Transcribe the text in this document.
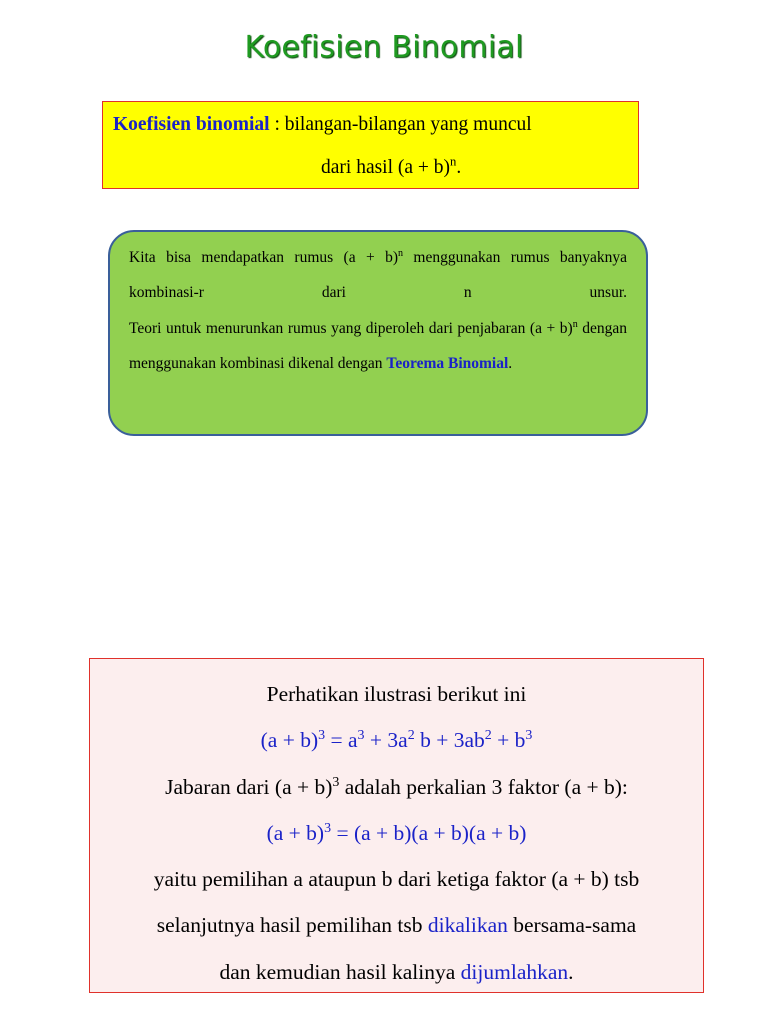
Koefisien Binomial
Koefisien binomial : bilangan-bilangan yang muncul
dari hasil $(a + b)^n$.
Kita bisa mendapatkan rumus $(a + b)^n$ menggunakan rumus banyaknya kombinasi-r dari n unsur.
Teori untuk menurunkan rumus yang diperoleh dari penjabaran $(a + b)^n$ dengan menggunakan kombinasi dikenal dengan Teorema Binomial.
Perhatikan ilustrasi berikut ini
$(a + b)^3 = a^3 + 3a^2$ $b + 3ab^2 + b^3$
Jabaran dari $(a + b)^3$ adalah perkalian 3 faktor (a + b):
$(a + b)^3 = (a + b)(a + b)(a + b)$
yaitu pemilihan a ataupun b dari ketiga faktor (a + b) tsb
selanjutnya hasil pemilihan tsb dikalikan bersama-sama
dan kemudian hasil kalinya dijumlahkan.
